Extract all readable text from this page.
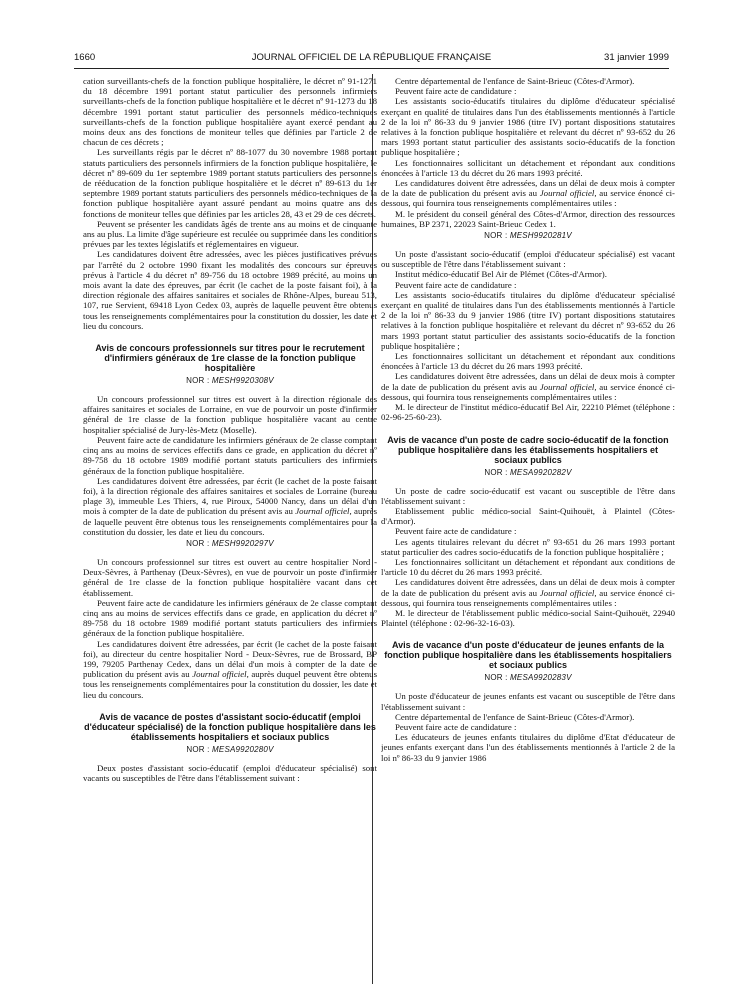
1660	JOURNAL OFFICIEL DE LA RÉPUBLIQUE FRANÇAISE	31 janvier 1999

cation surveillants-chefs de la fonction publique hospitalière, le décret nº 91-1271 du 18 décembre 1991 portant statut particulier des personnels infirmiers surveillants-chefs de la fonction publique hospitalière et le décret nº 91-1273 du 18 décembre 1991 portant statut particulier des personnels médico-techniques surveillants-chefs de la fonction publique hospitalière ayant exercé pendant au moins deux ans des fonctions de moniteur telles que définies par l'article 2 de chacun de ces décrets ;

Les surveillants régis par le décret nº 88-1077 du 30 novembre 1988 portant statuts particuliers des personnels infirmiers de la fonction publique hospitalière, le décret nº 89-609 du 1er septembre 1989 portant statuts particuliers des personnels de rééducation de la fonction publique hospitalière et le décret nº 89-613 du 1er septembre 1989 portant statuts particuliers des personnels médico-techniques de la fonction publique hospitalière ayant assuré pendant au moins quatre ans des fonctions de moniteur telles que définies par les articles 28, 43 et 29 de ces décrets.

Peuvent se présenter les candidats âgés de trente ans au moins et de cinquante ans au plus. La limite d'âge supérieure est reculée ou supprimée dans les conditions prévues par les textes législatifs et réglementaires en vigueur.

Les candidatures doivent être adressées, avec les pièces justificatives prévues par l'arrêté du 2 octobre 1990 fixant les modalités des concours sur épreuves prévus à l'article 4 du décret nº 89-756 du 18 octobre 1989 précité, au moins un mois avant la date des épreuves, par écrit (le cachet de la poste faisant foi), à la direction régionale des affaires sanitaires et sociales de Rhône-Alpes, bureau 513, 107, rue Servient, 69418 Lyon Cedex 03, auprès de laquelle peuvent être obtenus tous les renseignements complémentaires pour la constitution du dossier, les date et lieu du concours.

Avis de concours professionnels sur titres pour le recrutement d'infirmiers généraux de 1re classe de la fonction publique hospitalière
NOR : MESH9920308V

Un concours professionnel sur titres est ouvert à la direction régionale des affaires sanitaires et sociales de Lorraine, en vue de pourvoir un poste d'infirmier général de 1re classe de la fonction publique hospitalière vacant au centre hospitalier spécialisé de Jury-lès-Metz (Moselle).

Peuvent faire acte de candidature les infirmiers généraux de 2e classe comptant cinq ans au moins de services effectifs dans ce grade, en application du décret nº 89-758 du 18 octobre 1989 modifié portant statuts particuliers des infirmiers généraux de la fonction publique hospitalière.

Les candidatures doivent être adressées, par écrit (le cachet de la poste faisant foi), à la direction régionale des affaires sanitaires et sociales de Lorraine (bureau plage 3), immeuble Les Thiers, 4, rue Piroux, 54000 Nancy, dans un délai d'un mois à compter de la date de publication du présent avis au Journal officiel, auprès de laquelle peuvent être obtenus tous les renseignements complémentaires pour la constitution du dossier, les date et lieu du concours.

NOR : MESH9920297V

Un concours professionnel sur titres est ouvert au centre hospitalier Nord - Deux-Sèvres, à Parthenay (Deux-Sèvres), en vue de pourvoir un poste d'infirmier général de 1re classe de la fonction publique hospitalière vacant dans cet établissement.

Peuvent faire acte de candidature les infirmiers généraux de 2e classe comptant cinq ans au moins de services effectifs dans ce grade, en application du décret nº 89-758 du 18 octobre 1989 modifié portant statuts particuliers des infirmiers généraux de la fonction publique hospitalière.

Les candidatures doivent être adressées, par écrit (le cachet de la poste faisant foi), au directeur du centre hospitalier Nord - Deux-Sèvres, rue de Brossard, BP 199, 79205 Parthenay Cedex, dans un délai d'un mois à compter de la date de publication du présent avis au Journal officiel, auprès duquel peuvent être obtenus tous les renseignements complémentaires pour la constitution du dossier, les date et lieu du concours.

Avis de vacance de postes d'assistant socio-éducatif (emploi d'éducateur spécialisé) de la fonction publique hospitalière dans les établissements hospitaliers et sociaux publics
NOR : MESA9920280V

Deux postes d'assistant socio-éducatif (emploi d'éducateur spécialisé) sont vacants ou susceptibles de l'être dans l'établissement suivant :

Centre départemental de l'enfance de Saint-Brieuc (Côtes-d'Armor).

Peuvent faire acte de candidature :

Les assistants socio-éducatifs titulaires du diplôme d'éducateur spécialisé exerçant en qualité de titulaires dans l'un des établissements mentionnés à l'article 2 de la loi nº 86-33 du 9 janvier 1986 (titre IV) portant dispositions statutaires relatives à la fonction publique hospitalière et relevant du décret nº 93-652 du 26 mars 1993 portant statut particulier des assistants socio-éducatifs de la fonction publique hospitalière ;

Les fonctionnaires sollicitant un détachement et répondant aux conditions énoncées à l'article 13 du décret du 26 mars 1993 précité.

Les candidatures doivent être adressées, dans un délai de deux mois à compter de la date de publication du présent avis au Journal officiel, au service énoncé ci-dessous, qui fournira tous renseignements complémentaires utiles :

M. le président du conseil général des Côtes-d'Armor, direction des ressources humaines, BP 2371, 22023 Saint-Brieuc Cedex 1.

NOR : MESH9920281V

Un poste d'assistant socio-éducatif (emploi d'éducateur spécialisé) est vacant ou susceptible de l'être dans l'établissement suivant :

Institut médico-éducatif Bel Air de Plémet (Côtes-d'Armor).

Peuvent faire acte de candidature :

Les assistants socio-éducatifs titulaires du diplôme d'éducateur spécialisé exerçant en qualité de titulaires dans l'un des établissements mentionnés à l'article 2 de la loi nº 86-33 du 9 janvier 1986 (titre IV) portant dispositions statutaires relatives à la fonction publique hospitalière et relevant du décret nº 93-652 du 26 mars 1993 portant statut particulier des assistants socio-éducatifs de la fonction publique hospitalière ;

Les fonctionnaires sollicitant un détachement et répondant aux conditions énoncées à l'article 13 du décret du 26 mars 1993 précité.

Les candidatures doivent être adressées, dans un délai de deux mois à compter de la date de publication du présent avis au Journal officiel, au service énoncé ci-dessous, qui fournira tous renseignements complémentaires utiles :

M. le directeur de l'institut médico-éducatif Bel Air, 22210 Plémet (téléphone : 02-96-25-60-23).

Avis de vacance d'un poste de cadre socio-éducatif de la fonction publique hospitalière dans les établissements hospitaliers et sociaux publics
NOR : MESA9920282V

Un poste de cadre socio-éducatif est vacant ou susceptible de l'être dans l'établissement suivant :

Etablissement public médico-social Saint-Quihouët, à Plaintel (Côtes-d'Armor).

Peuvent faire acte de candidature :

Les agents titulaires relevant du décret nº 93-651 du 26 mars 1993 portant statut particulier des cadres socio-éducatifs de la fonction publique hospitalière ;

Les fonctionnaires sollicitant un détachement et répondant aux conditions de l'article 10 du décret du 26 mars 1993 précité.

Les candidatures doivent être adressées, dans un délai de deux mois à compter de la date de publication du présent avis au Journal officiel, au service énoncé ci-dessous, qui fournira tous renseignements complémentaires utiles :

M. le directeur de l'établissement public médico-social Saint-Quihouët, 22940 Plaintel (téléphone : 02-96-32-16-03).

Avis de vacance d'un poste d'éducateur de jeunes enfants de la fonction publique hospitalière dans les établissements hospitaliers et sociaux publics
NOR : MESA9920283V

Un poste d'éducateur de jeunes enfants est vacant ou susceptible de l'être dans l'établissement suivant :

Centre départemental de l'enfance de Saint-Brieuc (Côtes-d'Armor).

Peuvent faire acte de candidature :

Les éducateurs de jeunes enfants titulaires du diplôme d'Etat d'éducateur de jeunes enfants exerçant dans l'un des établissements mentionnés à l'article 2 de la loi nº 86-33 du 9 janvier 1986
